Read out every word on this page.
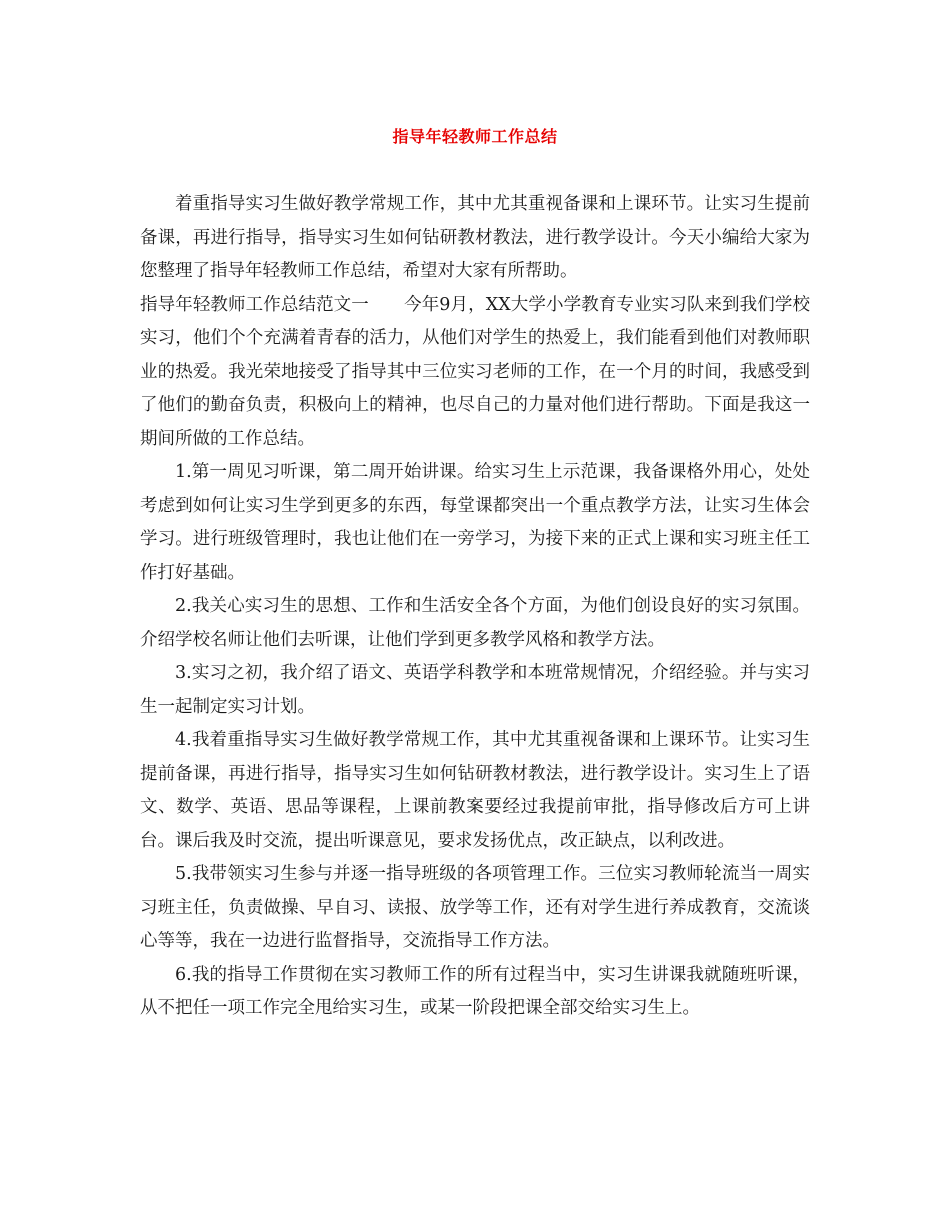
指导年轻教师工作总结

着重指导实习生做好教学常规工作，其中尤其重视备课和上课环节。让实习生提前备课，再进行指导，指导实习生如何钻研教材教法，进行教学设计。今天小编给大家为您整理了指导年轻教师工作总结，希望对大家有所帮助。

指导年轻教师工作总结范文一　　今年9月，XX大学小学教育专业实习队来到我们学校实习，他们个个充满着青春的活力，从他们对学生的热爱上，我们能看到他们对教师职业的热爱。我光荣地接受了指导其中三位实习老师的工作，在一个月的时间，我感受到了他们的勤奋负责，积极向上的精神，也尽自己的力量对他们进行帮助。下面是我这一期间所做的工作总结。

1.第一周见习听课，第二周开始讲课。给实习生上示范课，我备课格外用心，处处考虑到如何让实习生学到更多的东西，每堂课都突出一个重点教学方法，让实习生体会学习。进行班级管理时，我也让他们在一旁学习，为接下来的正式上课和实习班主任工作打好基础。

2.我关心实习生的思想、工作和生活安全各个方面，为他们创设良好的实习氛围。介绍学校名师让他们去听课，让他们学到更多教学风格和教学方法。

3.实习之初，我介绍了语文、英语学科教学和本班常规情况，介绍经验。并与实习生一起制定实习计划。

4.我着重指导实习生做好教学常规工作，其中尤其重视备课和上课环节。让实习生提前备课，再进行指导，指导实习生如何钻研教材教法，进行教学设计。实习生上了语文、数学、英语、思品等课程，上课前教案要经过我提前审批，指导修改后方可上讲台。课后我及时交流，提出听课意见，要求发扬优点，改正缺点，以利改进。

5.我带领实习生参与并逐一指导班级的各项管理工作。三位实习教师轮流当一周实习班主任，负责做操、早自习、读报、放学等工作，还有对学生进行养成教育，交流谈心等等，我在一边进行监督指导，交流指导工作方法。

6.我的指导工作贯彻在实习教师工作的所有过程当中，实习生讲课我就随班听课，从不把任一项工作完全甩给实习生，或某一阶段把课全部交给实习生上。
